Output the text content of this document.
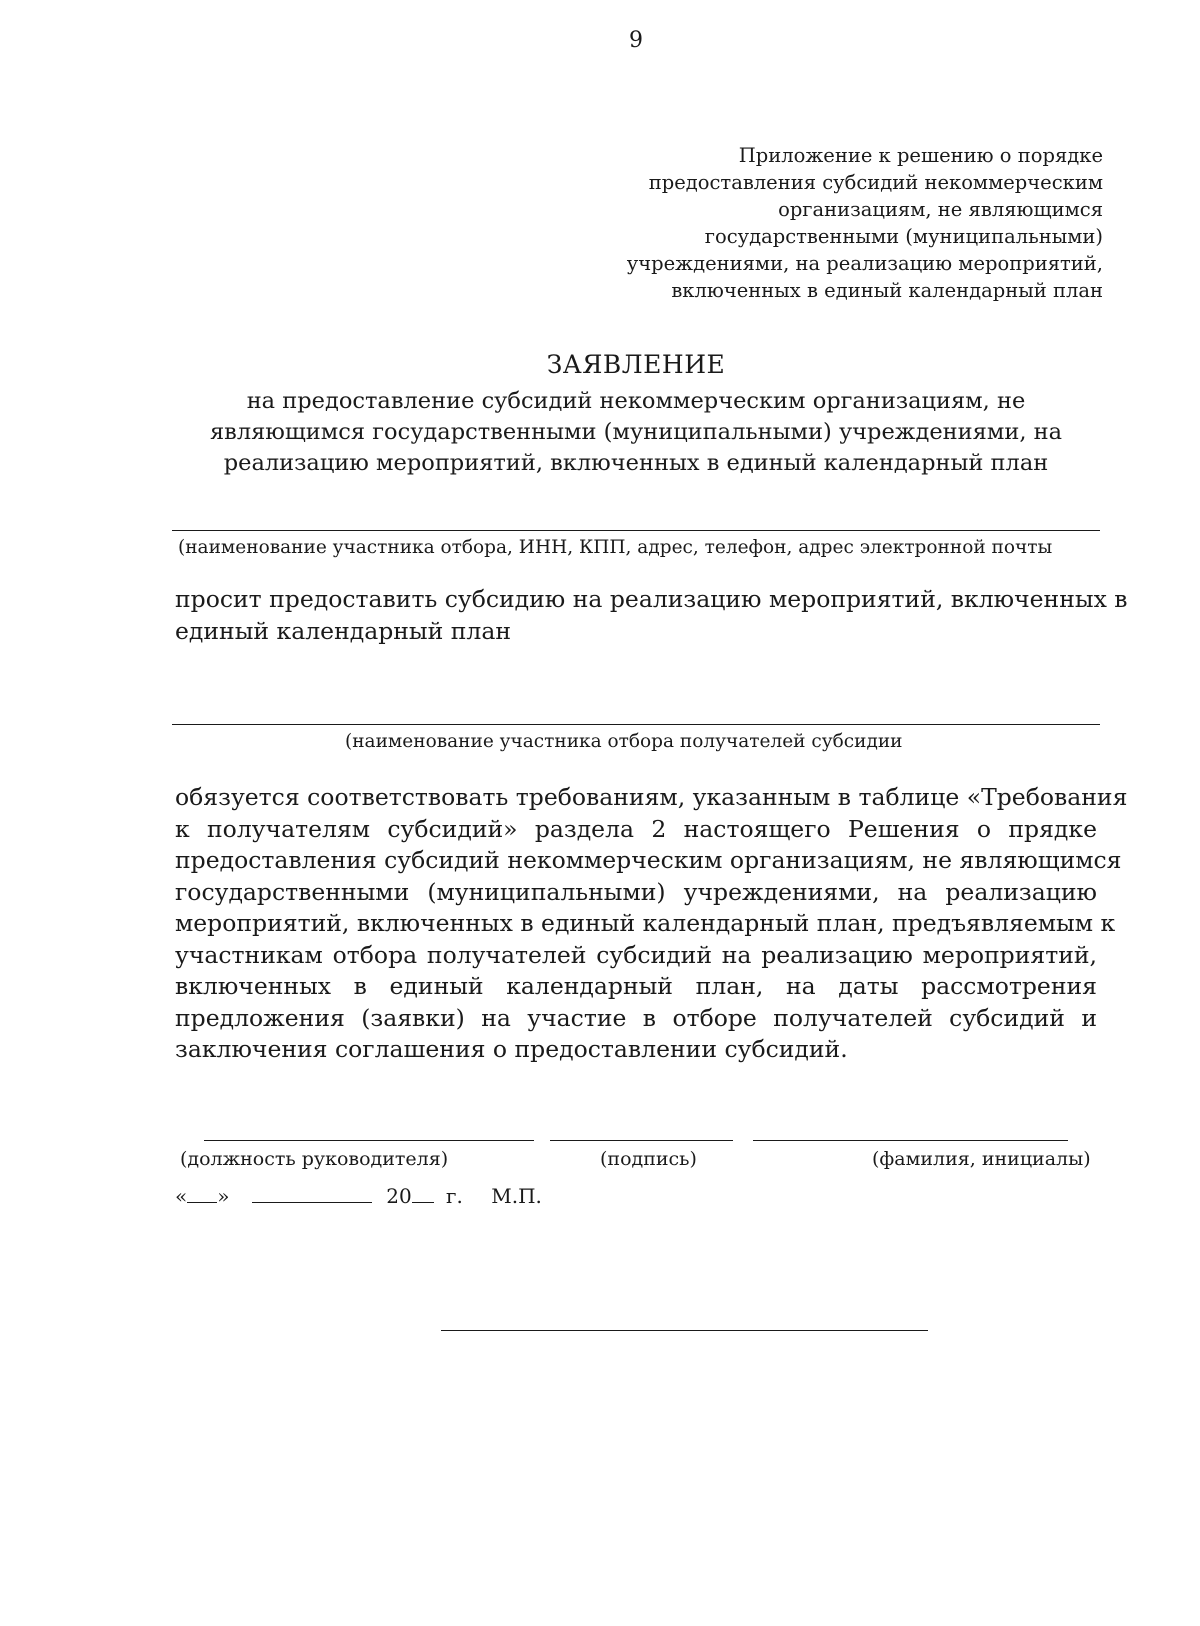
9
Приложение к решению о порядке
предоставления субсидий некоммерческим
организациям, не являющимся
государственными (муниципальными)
учреждениями, на реализацию мероприятий,
включенных в единый календарный план
ЗАЯВЛЕНИЕ
на предоставление субсидий некоммерческим организациям, не
являющимся государственными (муниципальными) учреждениями, на
реализацию мероприятий, включенных в единый календарный план
(наименование участника отбора, ИНН, КПП, адрес, телефон, адрес электронной почты
просит предоставить субсидию на реализацию мероприятий, включенных в
единый календарный план
(наименование участника отбора получателей субсидии
обязуется соответствовать требованиям, указанным в таблице «Требования
к получателям субсидий» раздела 2 настоящего Решения о прядке
предоставления субсидий некоммерческим организациям, не являющимся
государственными (муниципальными) учреждениями, на реализацию
мероприятий, включенных в единый календарный план, предъявляемым к
участникам отбора получателей субсидий на реализацию мероприятий,
включенных в единый календарный план, на даты рассмотрения
предложения (заявки) на участие в отборе получателей субсидий и
заключения соглашения о предоставлении субсидий.
(должность руководителя)	(подпись)	(фамилия, инициалы)
« »	20 г. М.П.
